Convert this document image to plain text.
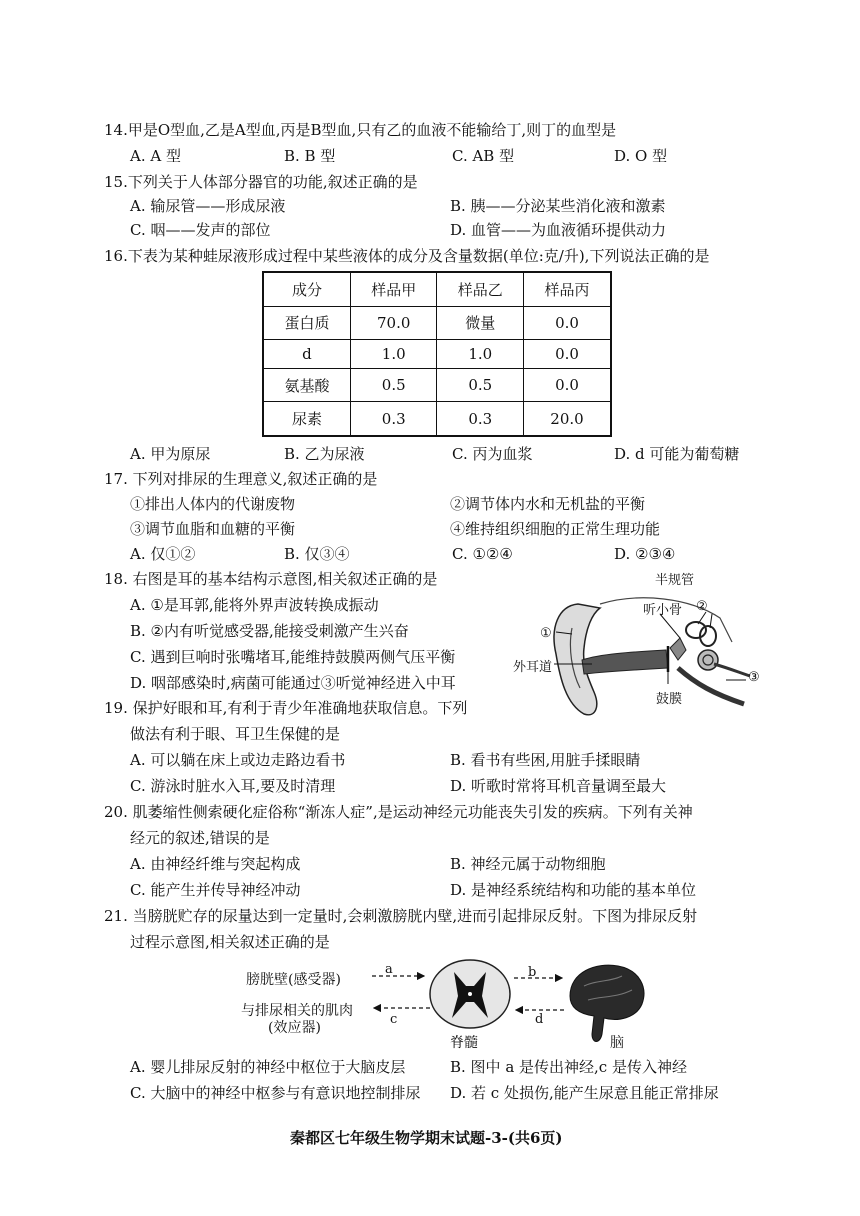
14.甲是O型血,乙是A型血,丙是B型血,只有乙的血液不能输给丁,则丁的血型是
A. A 型	B. B 型	C. AB 型	D. O 型
15.下列关于人体部分器官的功能,叙述正确的是
A. 输尿管——形成尿液	B. 胰——分泌某些消化液和激素
C. 咽——发声的部位	D. 血管——为血液循环提供动力
16.下表为某种蛙尿液形成过程中某些液体的成分及含量数据(单位:克/升),下列说法正确的是
成分	样品甲	样品乙	样品丙
蛋白质	70.0	微量	0.0
d	1.0	1.0	0.0
氨基酸	0.5	0.5	0.0
尿素	0.3	0.3	20.0
A. 甲为原尿	B. 乙为尿液	C. 丙为血浆	D. d 可能为葡萄糖
17. 下列对排尿的生理意义,叙述正确的是
①排出人体内的代谢废物	②调节体内水和无机盐的平衡
③调节血脂和血糖的平衡	④维持组织细胞的正常生理功能
A. 仅①②	B. 仅③④	C. ①②④	D. ②③④
18. 右图是耳的基本结构示意图,相关叙述正确的是
A. ①是耳郭,能将外界声波转换成振动
B. ②内有听觉感受器,能接受刺激产生兴奋
C. 遇到巨响时张嘴堵耳,能维持鼓膜两侧气压平衡
D. 咽部感染时,病菌可能通过③听觉神经进入中耳
半规管
听小骨 ②
①
外耳道
③
鼓膜
19. 保护好眼和耳,有利于青少年准确地获取信息。下列
做法有利于眼、耳卫生保健的是
A. 可以躺在床上或边走路边看书	B. 看书有些困,用脏手揉眼睛
C. 游泳时脏水入耳,要及时清理	D. 听歌时常将耳机音量调至最大
20. 肌萎缩性侧索硬化症俗称“渐冻人症”,是运动神经元功能丧失引发的疾病。下列有关神
经元的叙述,错误的是
A. 由神经纤维与突起构成	B. 神经元属于动物细胞
C. 能产生并传导神经冲动	D. 是神经系统结构和功能的基本单位
21. 当膀胱贮存的尿量达到一定量时,会刺激膀胱内壁,进而引起排尿反射。下图为排尿反射
过程示意图,相关叙述正确的是
膀胱壁(感受器)
a	b
与排尿相关的肌肉
(效应器)
c	d
脊髓	脑
A. 婴儿排尿反射的神经中枢位于大脑皮层	B. 图中 a 是传出神经,c 是传入神经
C. 大脑中的神经中枢参与有意识地控制排尿 D. 若 c 处损伤,能产生尿意且能正常排尿
秦都区七年级生物学期末试题-3-(共6页)
